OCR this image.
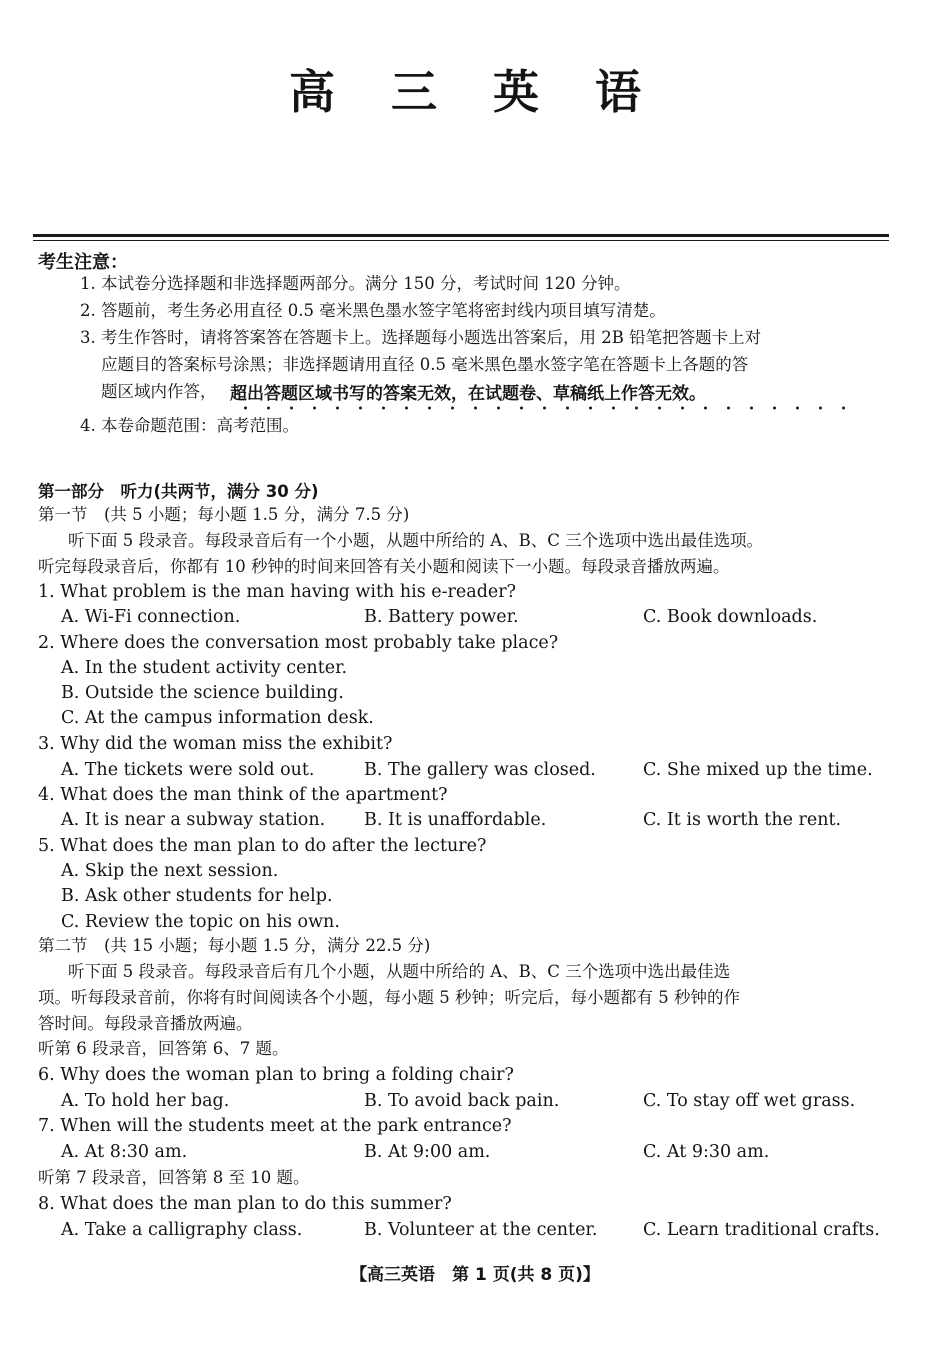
高 三 英 语
考生注意：
1. 本试卷分选择题和非选择题两部分。满分 150 分，考试时间 120 分钟。
2. 答题前，考生务必用直径 0.5 毫米黑色墨水签字笔将密封线内项目填写清楚。
3. 考生作答时，请将答案答在答题卡上。选择题每小题选出答案后，用 2B 铅笔把答题卡上对
应题目的答案标号涂黑；非选择题请用直径 0.5 毫米黑色墨水签字笔在答题卡上各题的答
题区域内作答， 超出答题区域书写的答案无效，在试题卷、草稿纸上作答无效。
4. 本卷命题范围：高考范围。
第一部分　听力(共两节，满分 30 分)
第一节　(共 5 小题；每小题 1.5 分，满分 7.5 分)
听下面 5 段录音。每段录音后有一个小题，从题中所给的 A、B、C 三个选项中选出最佳选项。
听完每段录音后，你都有 10 秒钟的时间来回答有关小题和阅读下一小题。每段录音播放两遍。
1. What problem is the man having with his e-reader?
A. Wi-Fi connection.	B. Battery power.	C. Book downloads.
2. Where does the conversation most probably take place?
A. In the student activity center.
B. Outside the science building.
C. At the campus information desk.
3. Why did the woman miss the exhibit?
A. The tickets were sold out.	B. The gallery was closed.	C. She mixed up the time.
4. What does the man think of the apartment?
A. It is near a subway station. B. It is unaffordable.	C. It is worth the rent.
5. What does the man plan to do after the lecture?
A. Skip the next session.
B. Ask other students for help.
C. Review the topic on his own.
第二节　(共 15 小题；每小题 1.5 分，满分 22.5 分)
听下面 5 段录音。每段录音后有几个小题，从题中所给的 A、B、C 三个选项中选出最佳选
项。听每段录音前，你将有时间阅读各个小题，每小题 5 秒钟；听完后，每小题都有 5 秒钟的作
答时间。每段录音播放两遍。
听第 6 段录音，回答第 6、7 题。
6. Why does the woman plan to bring a folding chair?
A. To hold her bag.	B. To avoid back pain.	C. To stay off wet grass.
7. When will the students meet at the park entrance?
A. At 8:30 am.	B. At 9:00 am.	C. At 9:30 am.
听第 7 段录音，回答第 8 至 10 题。
8. What does the man plan to do this summer?
A. Take a calligraphy class.	B. Volunteer at the center.	C. Learn traditional crafts.
【高三英语　第 1 页(共 8 页)】
